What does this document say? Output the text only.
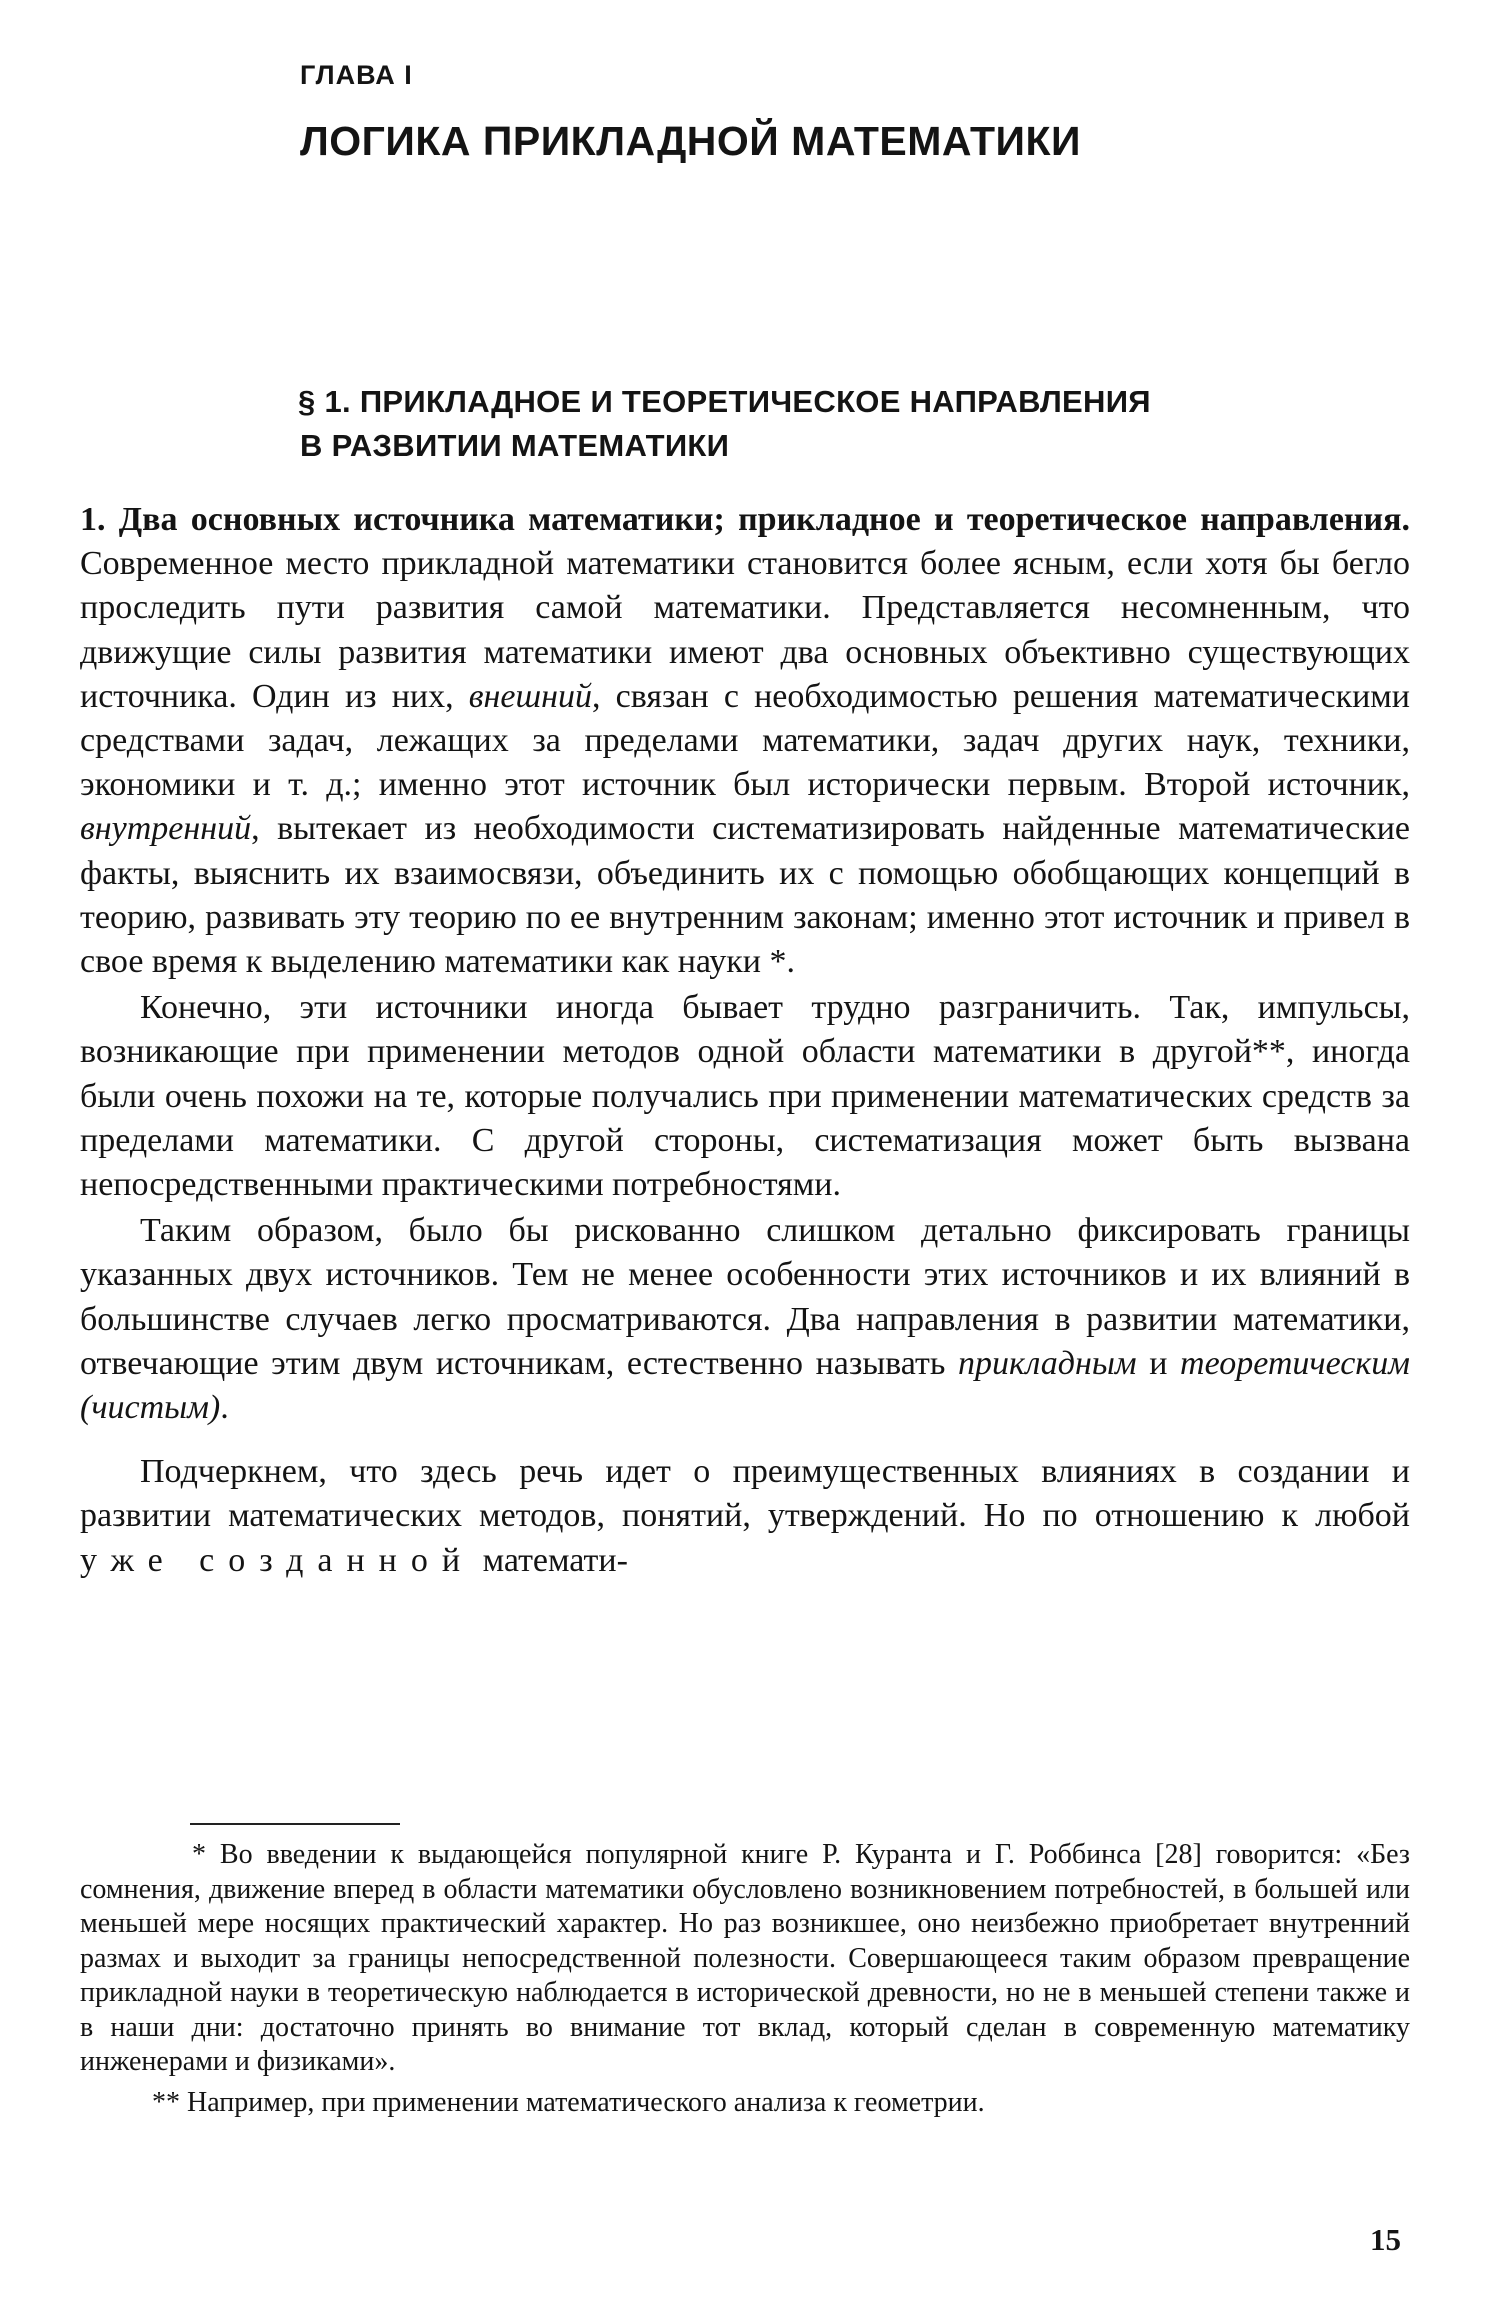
ГЛАВА I
ЛОГИКА ПРИКЛАДНОЙ МАТЕМАТИКИ
§ 1. ПРИКЛАДНОЕ И ТЕОРЕТИЧЕСКОЕ НАПРАВЛЕНИЯ
В РАЗВИТИИ МАТЕМАТИКИ

1. Два основных источника математики; прикладное и теоретическое направления. Современное место прикладной математики становится более ясным, если хотя бы бегло проследить пути развития самой математики. Представляется несомненным, что движущие силы развития математики имеют два основных объективно существующих источника. Один из них, внешний, связан с необходимостью решения математическими средствами задач, лежащих за пределами математики, задач других наук, техники, экономики и т. д.; именно этот источник был исторически первым. Второй источник, внутренний, вытекает из необходимости систематизировать найденные математические факты, выяснить их взаимосвязи, объединить их с помощью обобщающих концепций в теорию, развивать эту теорию по ее внутренним законам; именно этот источник и привел в свое время к выделению математики как науки *.

Конечно, эти источники иногда бывает трудно разграничить. Так, импульсы, возникающие при применении методов одной области математики в другой**, иногда были очень похожи на те, которые получались при применении математических средств за пределами математики. С другой стороны, систематизация может быть вызвана непосредственными практическими потребностями.

Таким образом, было бы рискованно слишком детально фиксировать границы указанных двух источников. Тем не менее особенности этих источников и их влияний в большинстве случаев легко просматриваются. Два направления в развитии математики, отвечающие этим двум источникам, естественно называть прикладным и теоретическим (чистым).

Подчеркнем, что здесь речь идет о преимущественных влияниях в создании и развитии математических методов, понятий, утверждений. Но по отношению к любой уже созданной математи-

* Во введении к выдающейся популярной книге Р. Куранта и Г. Роббинса [28] говорится: «Без сомнения, движение вперед в области математики обусловлено возникновением потребностей, в большей или меньшей мере носящих практический характер. Но раз возникшее, оно неизбежно приобретает внутренний размах и выходит за границы непосредственной полезности. Совершающееся таким образом превращение прикладной науки в теоретическую наблюдается в исторической древности, но не в меньшей степени также и в наши дни: достаточно принять во внимание тот вклад, который сделан в современную математику инженерами и физиками».

** Например, при применении математического анализа к геометрии.

15
